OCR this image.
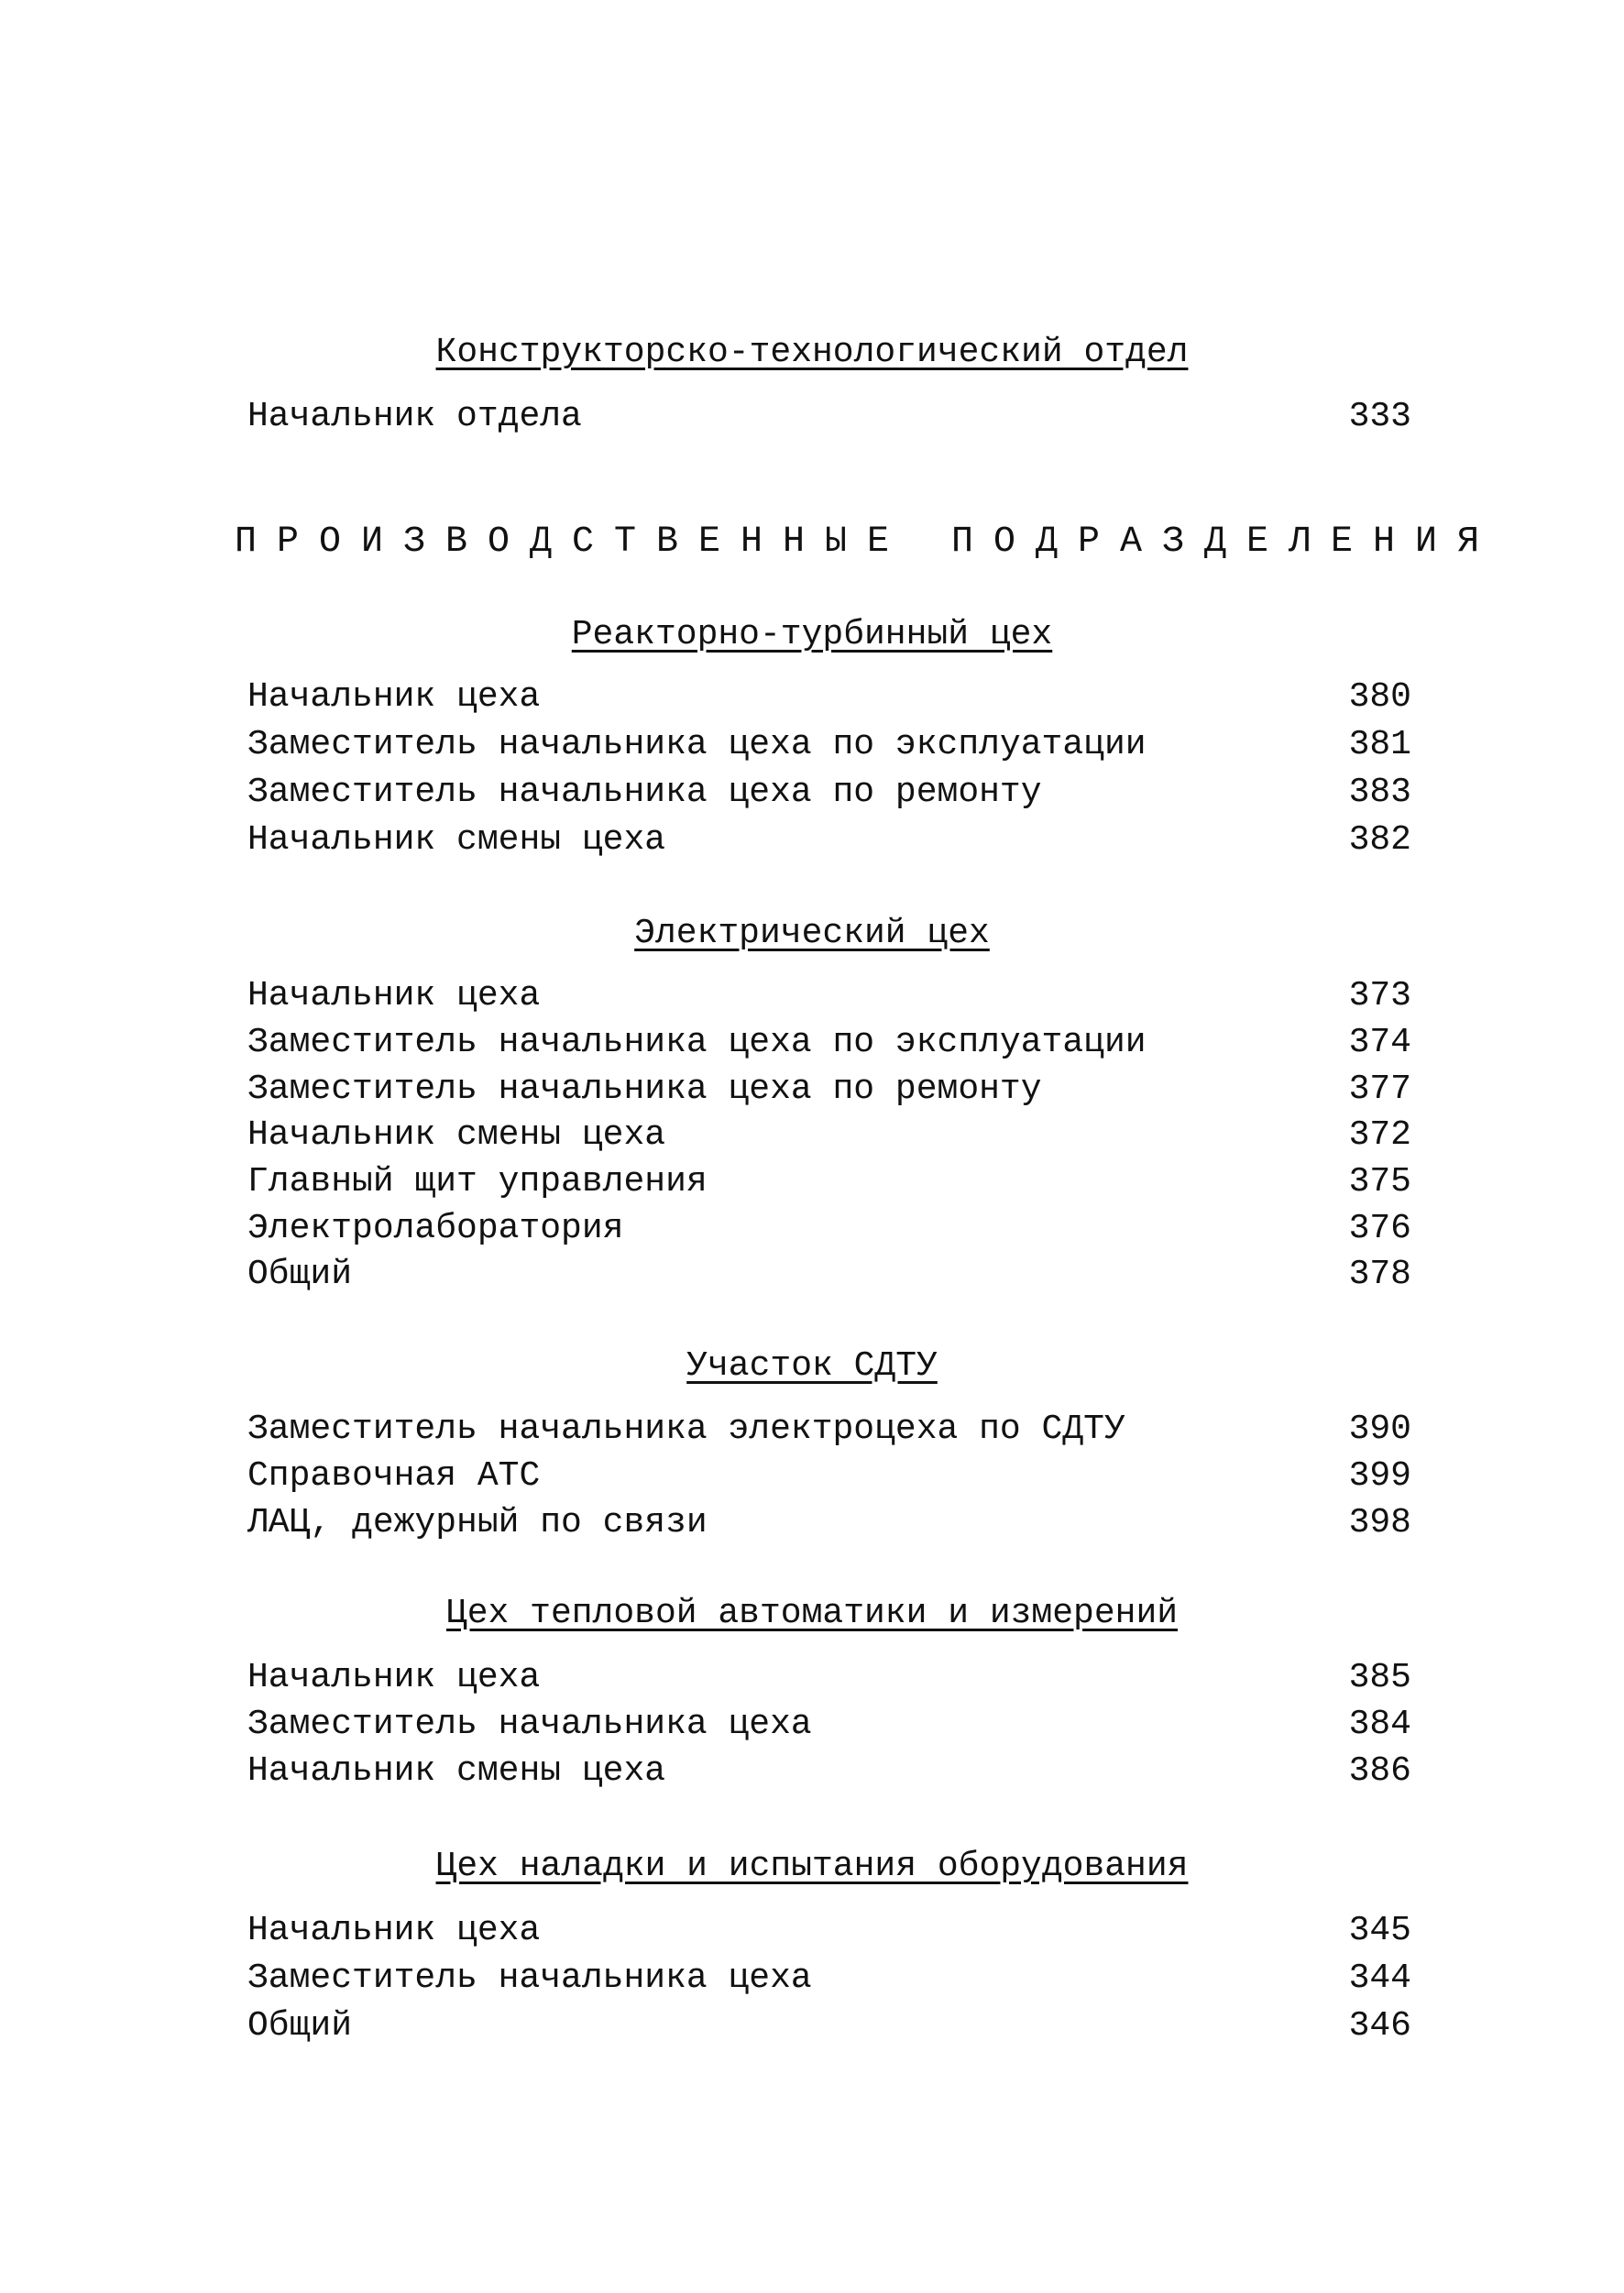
Конструкторско-технологический отдел
Начальник отдела	333
ПРОИЗВОДСТВЕННЫЕ ПОДРАЗДЕЛЕНИЯ
Реакторно-турбинный цех
Начальник цеха	380
Заместитель начальника цеха по эксплуатации	381
Заместитель начальника цеха по ремонту	383
Начальник смены цеха	382
Электрический цех
Начальник цеха	373
Заместитель начальника цеха по эксплуатации	374
Заместитель начальника цеха по ремонту	377
Начальник смены цеха	372
Главный щит управления	375
Электролаборатория	376
Общий	378
Участок СДТУ
Заместитель начальника электроцеха по СДТУ	390
Справочная АТС	399
ЛАЦ, дежурный по связи	398
Цех тепловой автоматики и измерений
Начальник цеха	385
Заместитель начальника цеха	384
Начальник смены цеха	386
Цех наладки и испытания оборудования
Начальник цеха	345
Заместитель начальника цеха	344
Общий	346
